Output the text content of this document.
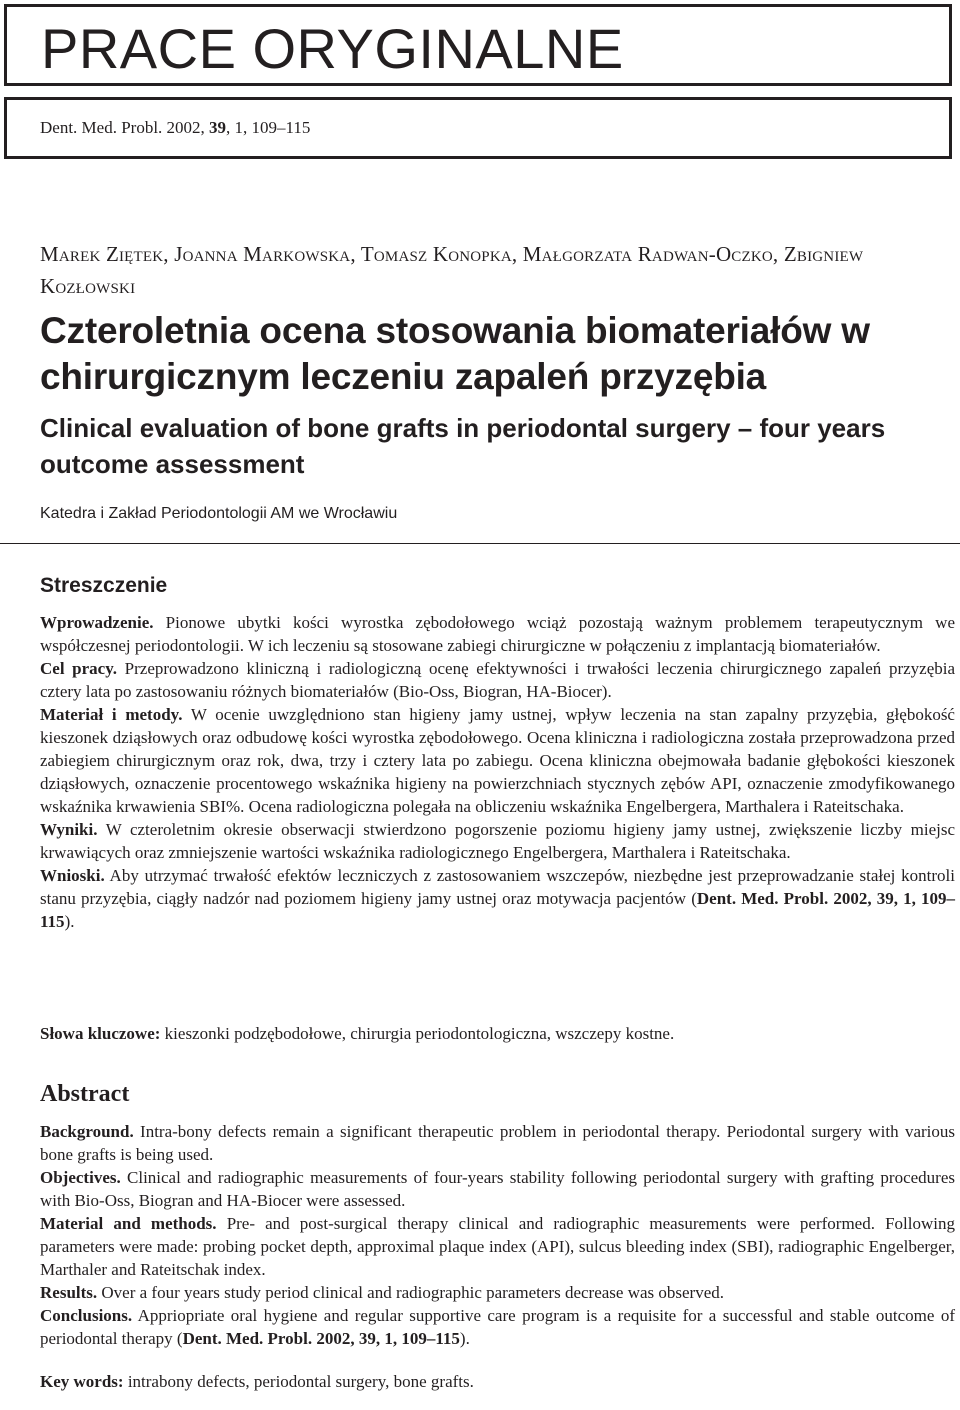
PRACE ORYGINALNE
Dent. Med. Probl. 2002, 39, 1, 109–115
Marek Ziętek, Joanna Markowska, Tomasz Konopka, Małgorzata Radwan-Oczko, Zbigniew Kozłowski
Czteroletnia ocena stosowania biomateriałów w chirurgicznym leczeniu zapaleń przyzębia
Clinical evaluation of bone grafts in periodontal surgery – four years outcome assessment
Katedra i Zakład Periodontologii AM we Wrocławiu
Streszczenie

Wprowadzenie. Pionowe ubytki kości wyrostka zębodołowego wciąż pozostają ważnym problemem terapeutycznym we współczesnej periodontologii. W ich leczeniu są stosowane zabiegi chirurgiczne w połączeniu z implantacją biomateriałów.

Cel pracy. Przeprowadzono kliniczną i radiologiczną ocenę efektywności i trwałości leczenia chirurgicznego zapaleń przyzębia cztery lata po zastosowaniu różnych biomateriałów (Bio-Oss, Biogran, HA-Biocer).

Materiał i metody. W ocenie uwzględniono stan higieny jamy ustnej, wpływ leczenia na stan zapalny przyzębia, głębokość kieszonek dziąsłowych oraz odbudowę kości wyrostka zębodołowego. Ocena kliniczna i radiologiczna została przeprowadzona przed zabiegiem chirurgicznym oraz rok, dwa, trzy i cztery lata po zabiegu. Ocena kliniczna obejmowała badanie głębokości kieszonek dziąsłowych, oznaczenie procentowego wskaźnika higieny na powierzchniach stycznych zębów API, oznaczenie zmodyfikowanego wskaźnika krwawienia SBI%. Ocena radiologiczna polegała na obliczeniu wskaźnika Engelbergera, Marthalera i Rateitschaka.

Wyniki. W czteroletnim okresie obserwacji stwierdzono pogorszenie poziomu higieny jamy ustnej, zwiększenie liczby miejsc krwawiących oraz zmniejszenie wartości wskaźnika radiologicznego Engelbergera, Marthalera i Rateitschaka.

Wnioski. Aby utrzymać trwałość efektów leczniczych z zastosowaniem wszczepów, niezbędne jest przeprowadzanie stałej kontroli stanu przyzębia, ciągły nadzór nad poziomem higieny jamy ustnej oraz motywacja pacjentów (Dent. Med. Probl. 2002, 39, 1, 109–115).

Słowa kluczowe: kieszonki podzębodołowe, chirurgia periodontologiczna, wszczepy kostne.
Abstract

Background. Intra-bony defects remain a significant therapeutic problem in periodontal therapy. Periodontal surgery with various bone grafts is being used.

Objectives. Clinical and radiographic measurements of four-years stability following periodontal surgery with grafting procedures with Bio-Oss, Biogran and HA-Biocer were assessed.

Material and methods. Pre- and post-surgical therapy clinical and radiographic measurements were performed. Following parameters were made: probing pocket depth, approximal plaque index (API), sulcus bleeding index (SBI), radiographic Engelberger, Marthaler and Rateitschak index.

Results. Over a four years study period clinical and radiographic parameters decrease was observed.

Conclusions. Appriopriate oral hygiene and regular supportive care program is a requisite for a successful and stable outcome of periodontal therapy (Dent. Med. Probl. 2002, 39, 1, 109–115).

Key words: intrabony defects, periodontal surgery, bone grafts.
